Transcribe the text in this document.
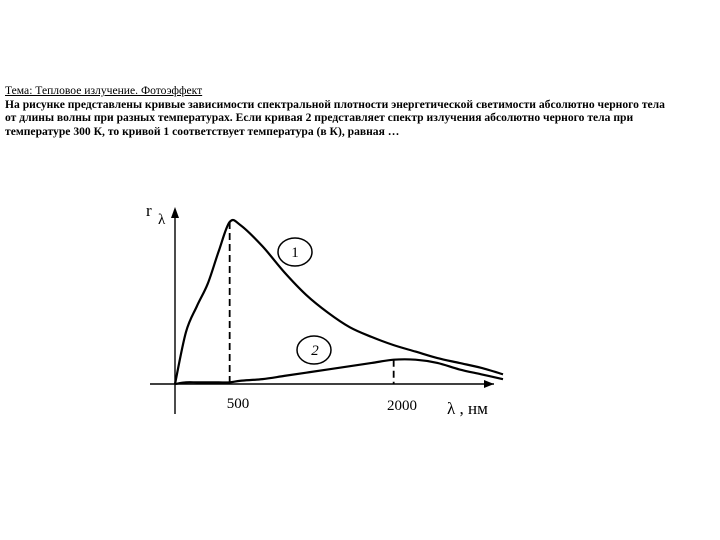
Тема: Тепловое излучение. Фотоэффект
На рисунке представлены кривые зависимости спектральной плотности энергетической светимости абсолютно черного тела
от длины волны при разных температурах. Если кривая 2 представляет спектр излучения абсолютно черного тела при
температуре 300 К, то кривой 1 соответствует температура (в К), равная …
r λ
500	2000 λ , нм
1
2
